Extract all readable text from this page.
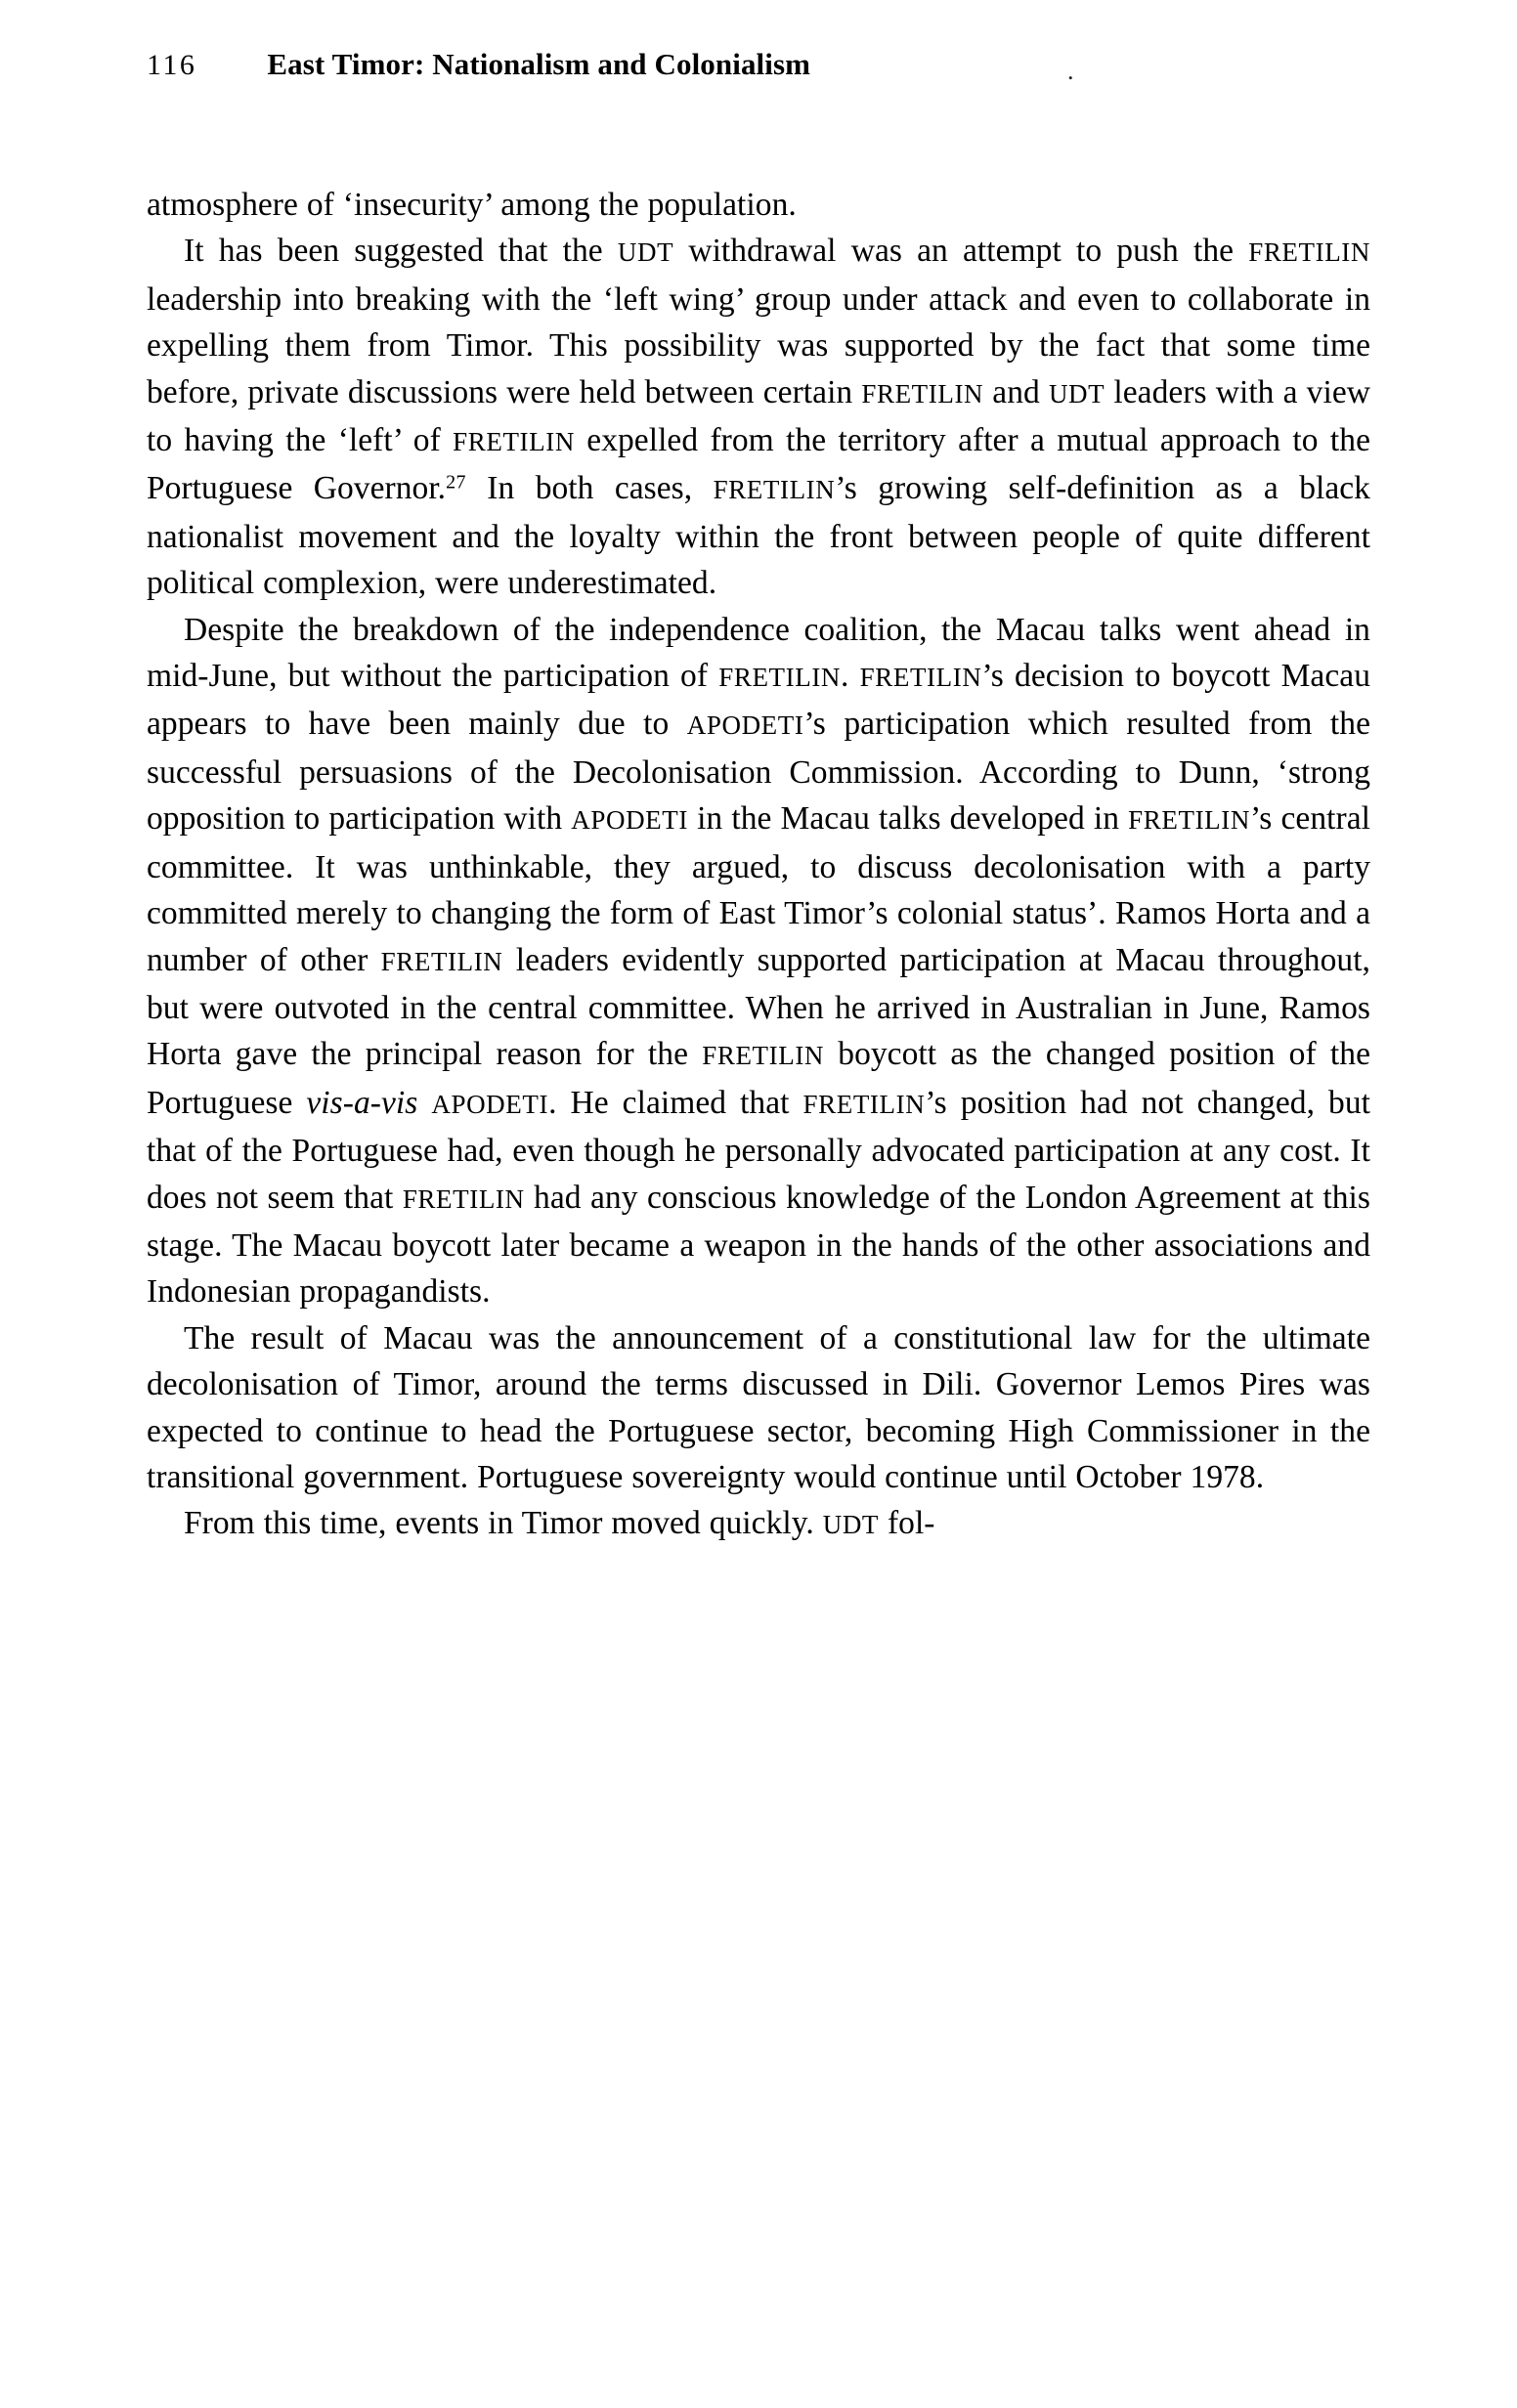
116 East Timor: Nationalism and Colonialism	.

atmosphere of ‘insecurity’ among the population.

It has been suggested that the UDT withdrawal was an attempt to push the FRETILIN leadership into breaking with the ‘left wing’ group under attack and even to collaborate in expelling them from Timor. This possibility was supported by the fact that some time before, private discussions were held between certain FRETILIN and UDT leaders with a view to having the ‘left’ of FRETILIN expelled from the territory after a mutual approach to the Portuguese Governor.$^{27}$ In both cases, FRETILIN’s growing self-definition as a black nationalist movement and the loyalty within the front between people of quite different political complexion, were underestimated.

Despite the breakdown of the independence coalition, the Macau talks went ahead in mid-June, but without the participation of FRETILIN. FRETILIN’s decision to boycott Macau appears to have been mainly due to APODETI’s participation which resulted from the successful persuasions of the Decolonisation Commission. According to Dunn, ‘strong opposition to participation with APODETI in the Macau talks developed in FRETILIN’s central committee. It was unthinkable, they argued, to discuss decolonisation with a party committed merely to changing the form of East Timor’s colonial status’. Ramos Horta and a number of other FRETILIN leaders evidently supported participation at Macau throughout, but were outvoted in the central committee. When he arrived in Australian in June, Ramos Horta gave the principal reason for the FRETILIN boycott as the changed position of the Portuguese vis-a-vis APODETI. He claimed that FRETILIN’s position had not changed, but that of the Portuguese had, even though he personally advocated participation at any cost. It does not seem that FRETILIN had any conscious knowledge of the London Agreement at this stage. The Macau boycott later became a weapon in the hands of the other associations and Indonesian propagandists.

The result of Macau was the announcement of a constitutional law for the ultimate decolonisation of Timor, around the terms discussed in Dili. Governor Lemos Pires was expected to continue to head the Portuguese sector, becoming High Commissioner in the transitional government. Portuguese sovereignty would continue until October 1978.

From this time, events in Timor moved quickly. UDT fol-
